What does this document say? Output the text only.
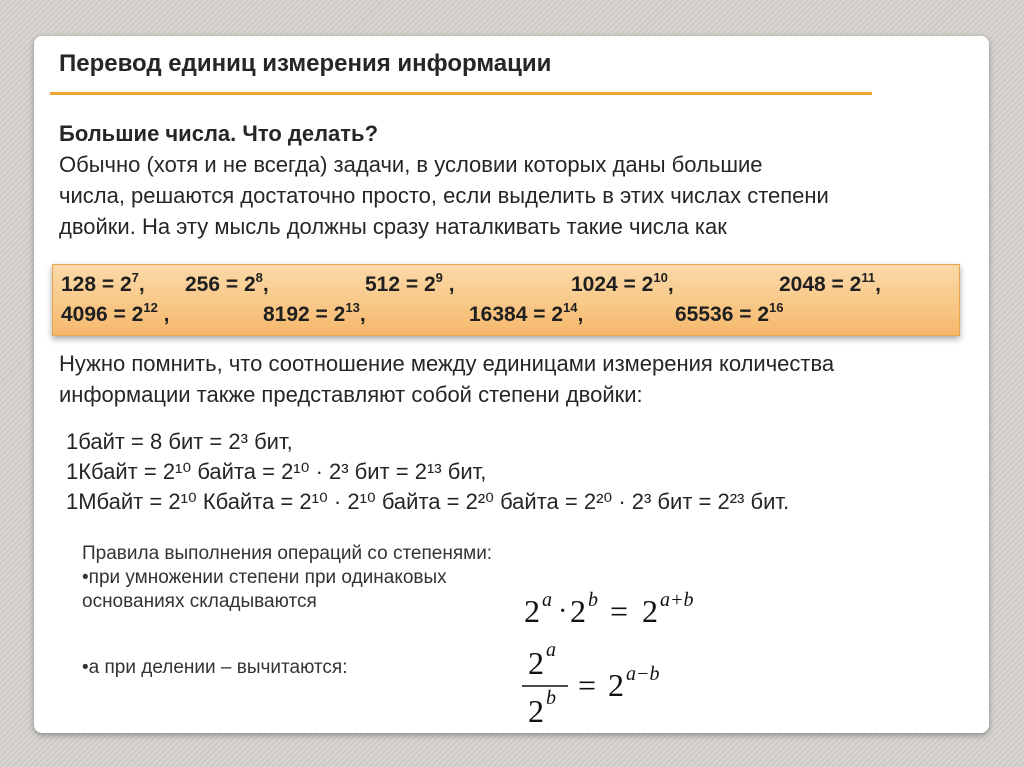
Перевод единиц измерения информации
Большие числа. Что делать?
Обычно (хотя и не всегда) задачи, в условии которых даны большие
числа, решаются достаточно просто, если выделить в этих числах степени
двойки. На эту мысль должны сразу наталкивать такие числа как
$128 = 2^7$, $256 = 2^8$,	$512 = 2^9$ ,	$1024 = 2^{10}$,	$2048 = 2^{11}$,
$4096 = 2^{12}$ ,	$8192 = 2^{13}$,	$16384 = 2^{14}$,	$65536 = 2^{16}$
Нужно помнить, что соотношение между единицами измерения количества
информации также представляют собой степени двойки:
1байт = 8 бит = 2³ бит,
1Кбайт = 2¹⁰ байта = 2¹⁰ · 2³ бит = 2¹³ бит,
1Мбайт = 2¹⁰ Кбайта = 2¹⁰ · 2¹⁰ байта = 2²⁰ байта = 2²⁰ · 2³ бит = 2²³ бит.
Правила выполнения операций со степенями:
•при умножении степени при одинаковых
основаниях складываются
•а при делении – вычитаются:
2 a · 2 b = 2 a+b
2 a
2 b = 2 a−b
